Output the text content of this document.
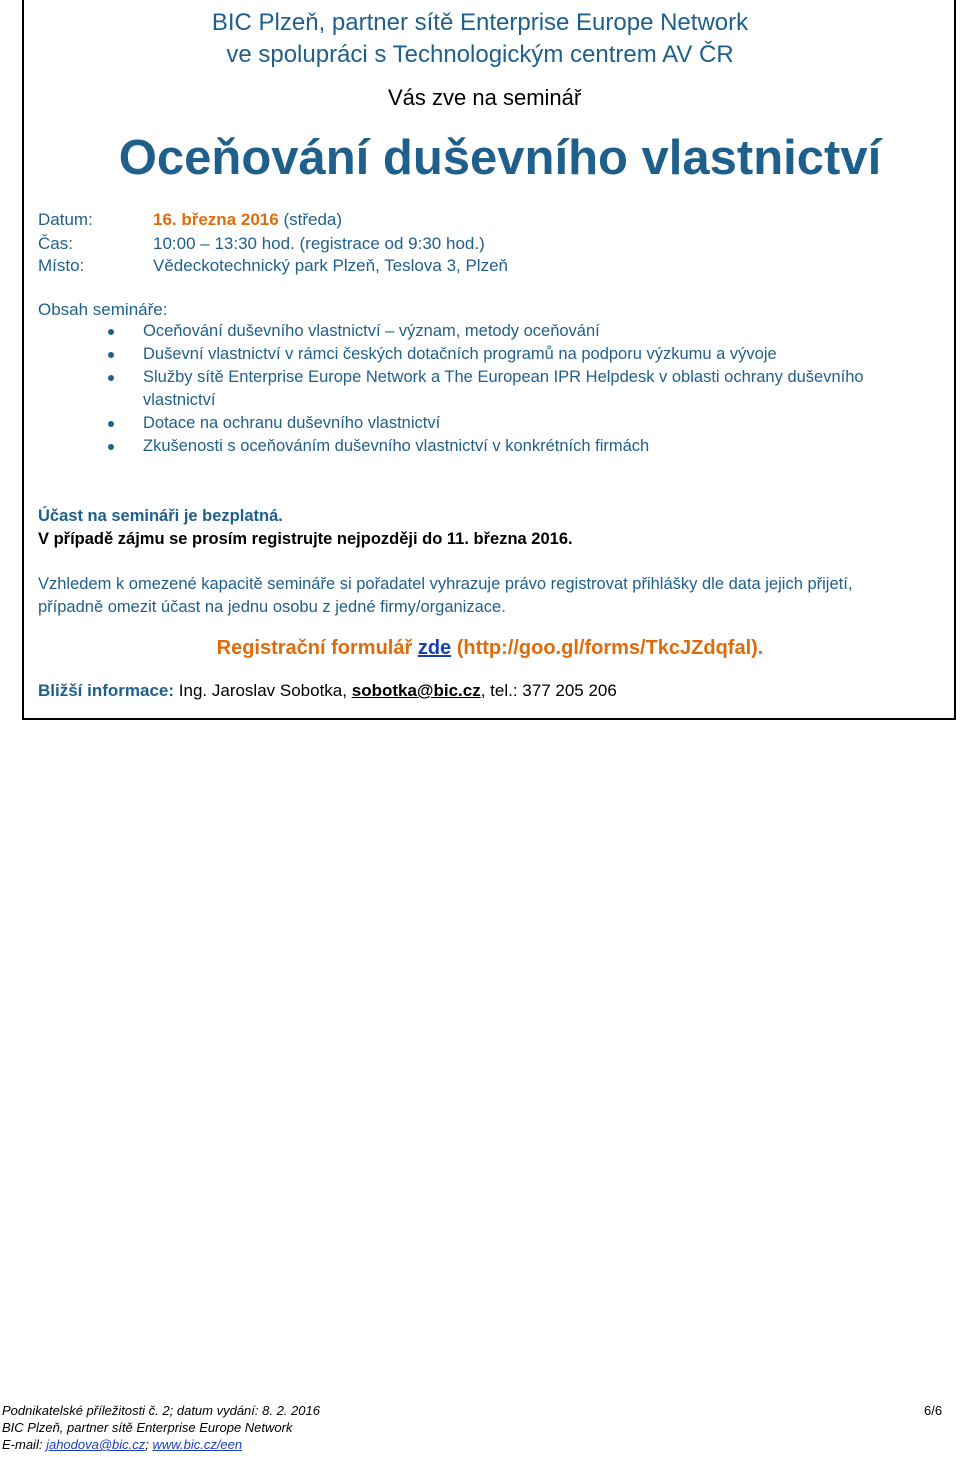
BIC Plzeň, partner sítě Enterprise Europe Network
ve spolupráci s Technologickým centrem AV ČR
Vás zve na seminář
Oceňování duševního vlastnictví
Datum:	16. března 2016 (středa)
Čas:	10:00 – 13:30 hod. (registrace od 9:30 hod.)
Místo:	Vědeckotechnický park Plzeň, Teslova 3, Plzeň
Obsah semináře:
Oceňování duševního vlastnictví – význam, metody oceňování
Duševní vlastnictví v rámci českých dotačních programů na podporu výzkumu a vývoje
Služby sítě Enterprise Europe Network a The European IPR Helpdesk v oblasti ochrany duševního vlastnictví
Dotace na ochranu duševního vlastnictví
Zkušenosti s oceňováním duševního vlastnictví v konkrétních firmách
Účast na semináři je bezplatná.
V případě zájmu se prosím registrujte nejpozději do 11. března 2016.
Vzhledem k omezené kapacitě semináře si pořadatel vyhrazuje právo registrovat přihlášky dle data jejich přijetí, případně omezit účast na jednu osobu z jedné firmy/organizace.
Registrační formulář zde (http://goo.gl/forms/TkcJZdqfal).
Bližší informace: Ing. Jaroslav Sobotka, sobotka@bic.cz, tel.: 377 205 206
Podnikatelské příležitosti č. 2; datum vydání: 8. 2. 2016
BIC Plzeň, partner sítě Enterprise Europe Network
E-mail: jahodova@bic.cz; www.bic.cz/een
6/6
